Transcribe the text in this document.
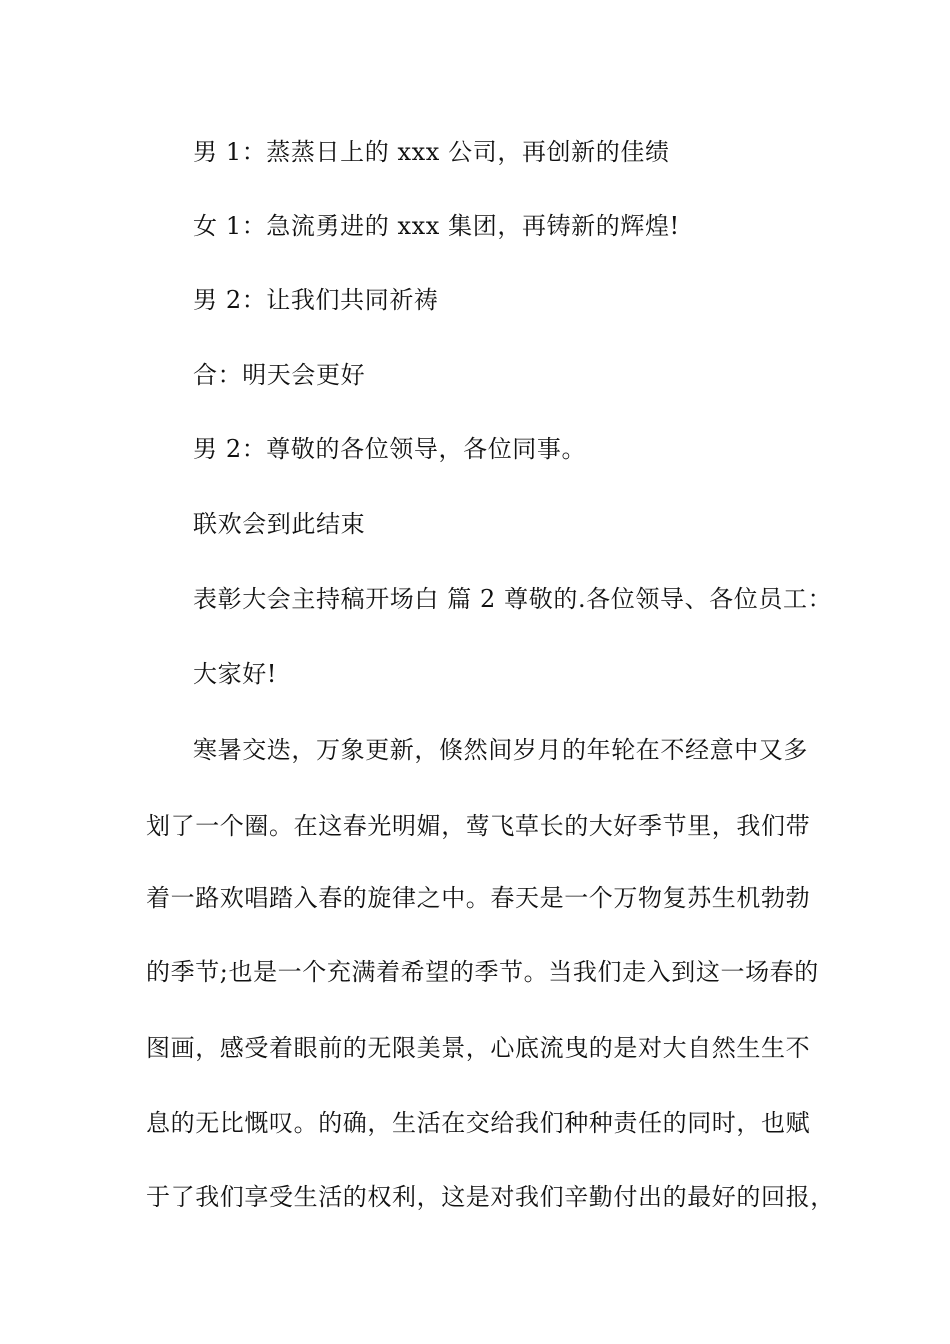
男 1：蒸蒸日上的 xxx 公司，再创新的佳绩
女 1：急流勇进的 xxx 集团，再铸新的辉煌!
男 2：让我们共同祈祷
合：明天会更好
男 2：尊敬的各位领导，各位同事。
联欢会到此结束
表彰大会主持稿开场白 篇 2 尊敬的.各位领导、各位员工：
大家好!
寒暑交迭，万象更新，倏然间岁月的年轮在不经意中又多
划了一个圈。在这春光明媚，莺飞草长的大好季节里，我们带
着一路欢唱踏入春的旋律之中。春天是一个万物复苏生机勃勃
的季节;也是一个充满着希望的季节。当我们走入到这一场春的
图画，感受着眼前的无限美景，心底流曳的是对大自然生生不
息的无比慨叹。的确，生活在交给我们种种责任的同时，也赋
于了我们享受生活的权利，这是对我们辛勤付出的最好的回报，
